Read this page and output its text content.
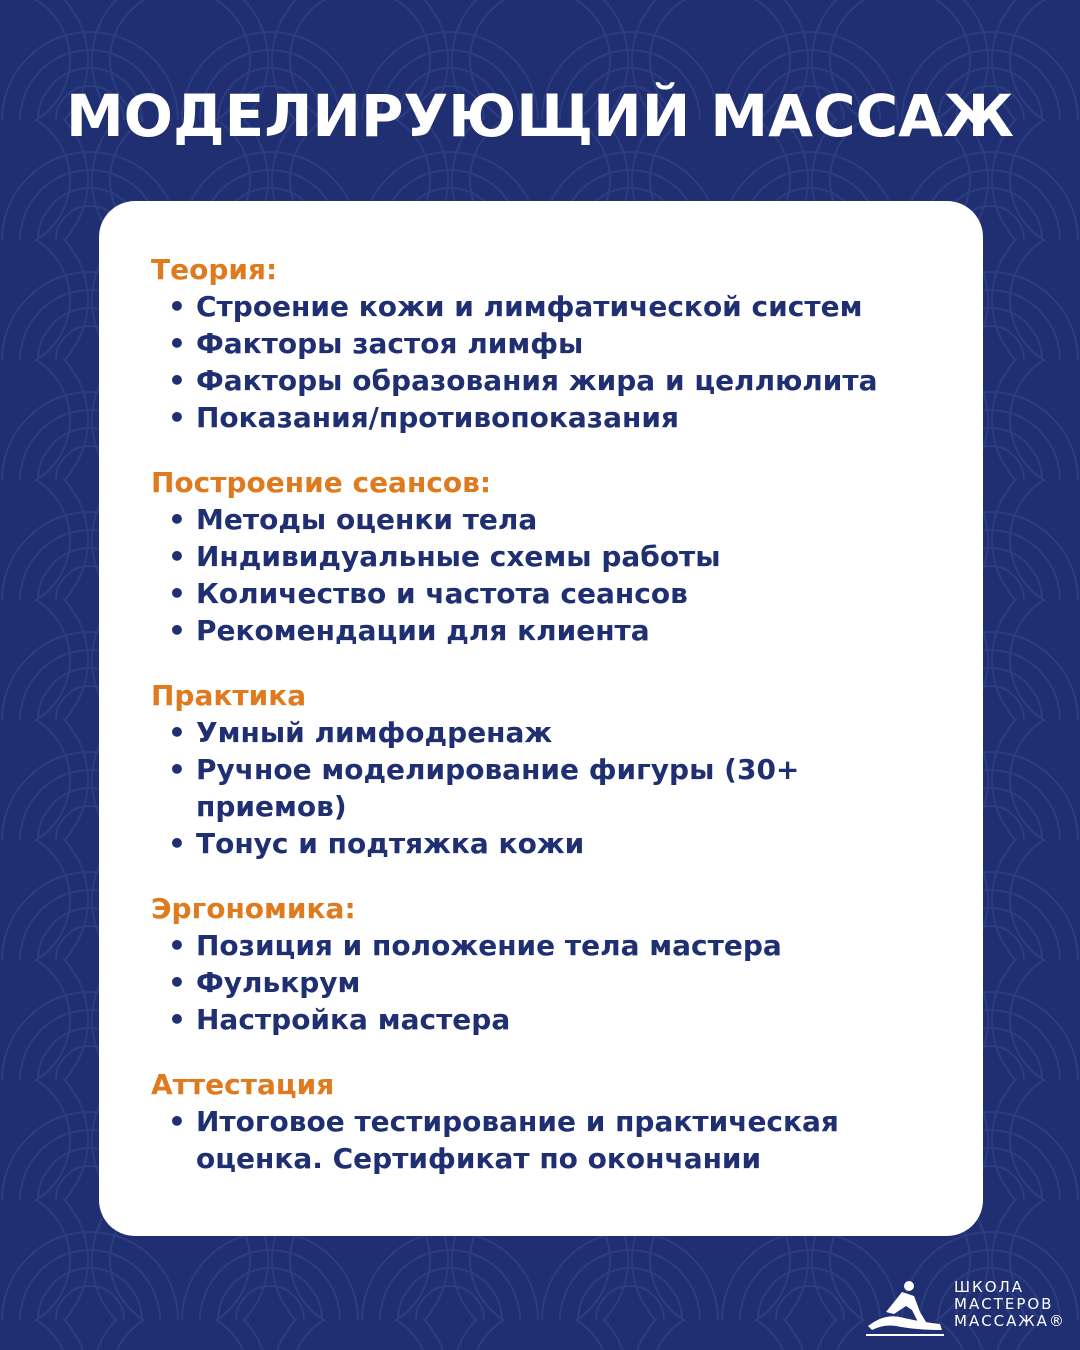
МОДЕЛИРУЮЩИЙ МАССАЖ
Теория:
• Строение кожи и лимфатической систем
• Факторы застоя лимфы
• Факторы образования жира и целлюлита
• Показания/противопоказания
Построение сеансов:
• Методы оценки тела
• Индивидуальные схемы работы
• Количество и частота сеансов
• Рекомендации для клиента
Практика
• Умный лимфодренаж
• Ручное моделирование фигуры (30+ приемов)
• Тонус и подтяжка кожи
Эргономика:
• Позиция и положение тела мастера
• Фулькрум
• Настройка мастера
Аттестация
• Итоговое тестирование и практическая оценка. Сертификат по окончании
ШКОЛА
МАСТЕРОВ
МАССАЖА®
